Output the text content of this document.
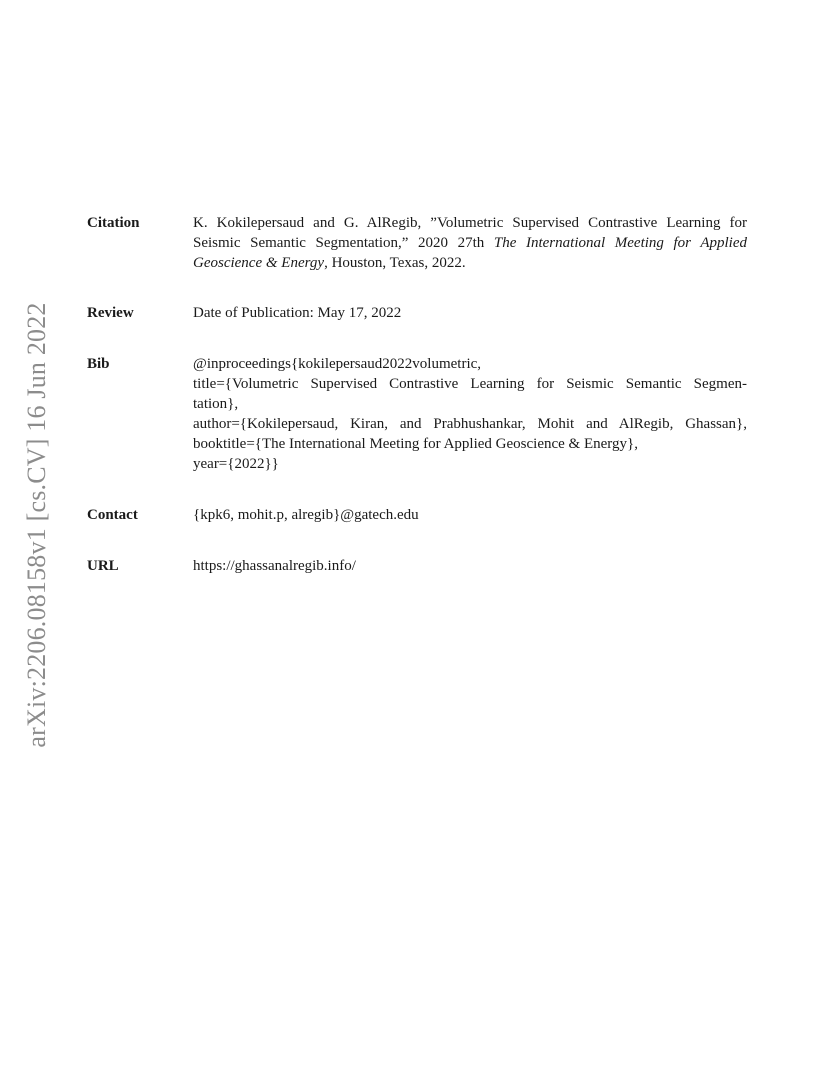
arXiv:2206.08158v1 [cs.CV] 16 Jun 2022
Citation	K. Kokilepersaud and G. AlRegib, ”Volumetric Supervised Contrastive Learning for
Seismic Semantic Segmentation,” 2020 27th The International Meeting for Applied
Geoscience & Energy, Houston, Texas, 2022.
Review	Date of Publication: May 17, 2022
Bib	@inproceedings{kokilepersaud2022volumetric,
title={Volumetric Supervised Contrastive Learning for Seismic Semantic Segmen-
tation},
author={Kokilepersaud, Kiran, and Prabhushankar, Mohit and AlRegib, Ghassan},
booktitle={The International Meeting for Applied Geoscience & Energy},
year={2022}}
Contact	{kpk6, mohit.p, alregib}@gatech.edu
URL	https://ghassanalregib.info/
